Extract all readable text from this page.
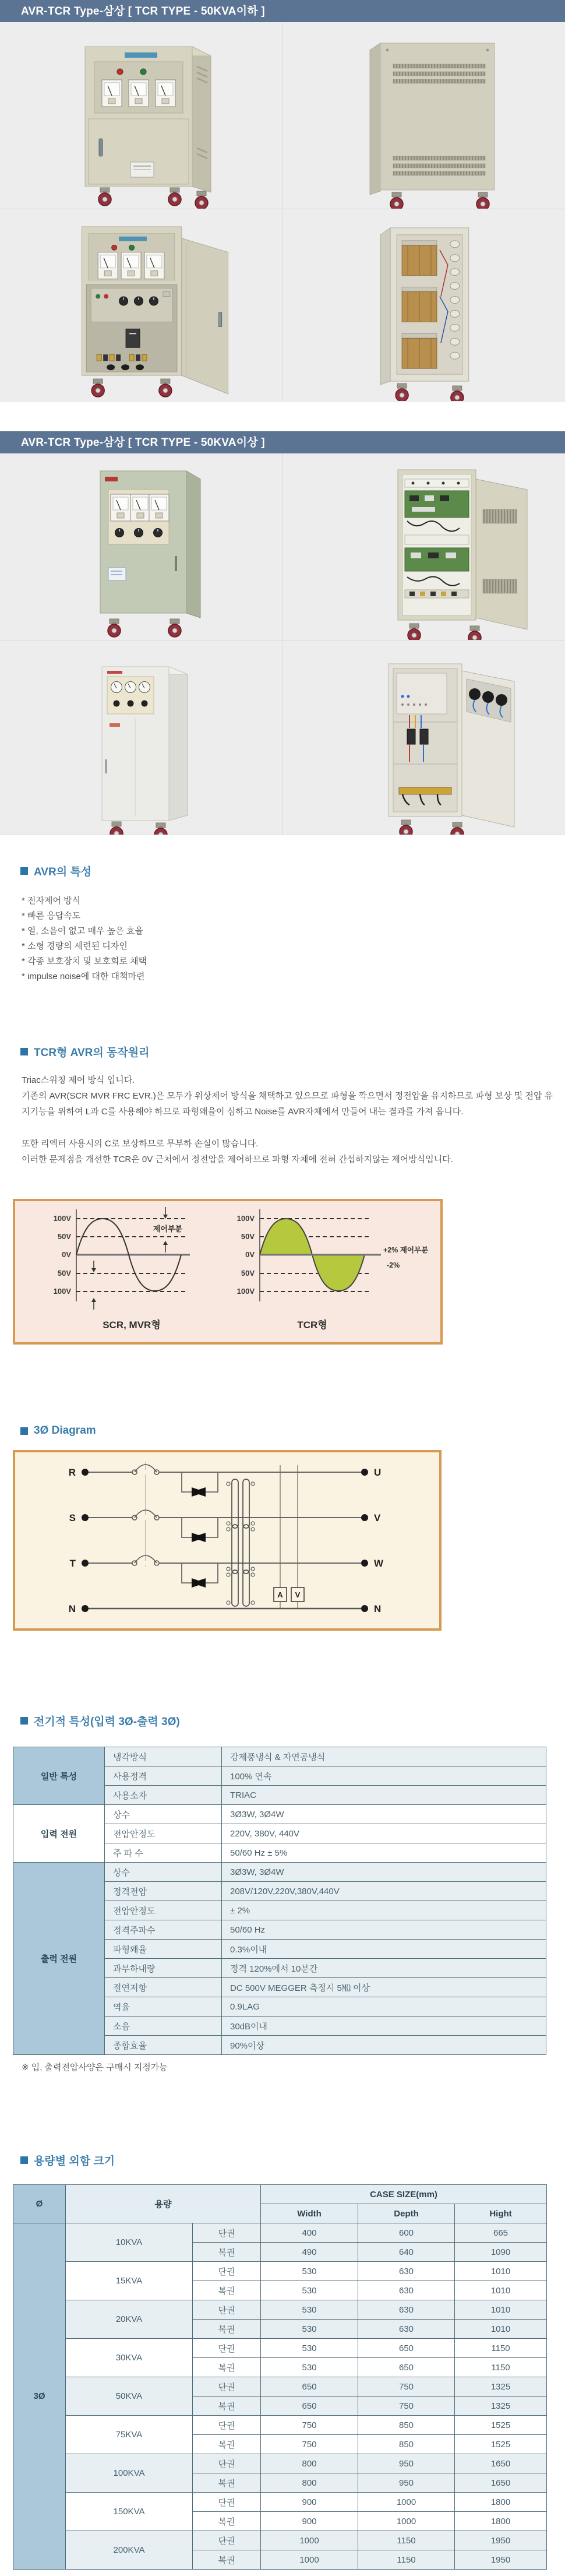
AVR-TCR Type-삼상 [ TCR TYPE - 50KVA이하 ]
AVR-TCR Type-삼상 [ TCR TYPE - 50KVA이상 ]
AVR의 특성
* 전자제어 방식
* 빠른 응답속도
* 열, 소음이 없고 매우 높은 효율
* 소형 경량의 세련된 디자인
* 각종 보호장치 및 보호회로 채택
* impulse noise에 대한 대책마련
TCR형 AVR의 동작원리
Triac스위칭 제어 방식 입니다.
기존의 AVR(SCR MVR FRC EVR.)은 모두가 위상제어 방식을 채택하고 있으므로 파형을 깍으면서 정전압을 유지하므로 파형 보상 및 전압 유지기능을 위하여 L과 C를 사용해야 하므로 파형왜율이 심하고 Noise를 AVR자체에서 만들어 내는 결과를 가져 옵니다.
또한 리엑터 사용시의 C로 보상하므로 무부하 손실이 많습니다.
이러한 문제점을 개선한 TCR은 0V 근처에서 정전압을 제어하므로 파형 자체에 전혀 간섭하지않는 제어방식입니다.
100V
50V
0V
50V
100V
제어부분
SCR, MVR형
100V
50V
0V
50V
100V
+2% 제어부분
-2%
TCR형
3Ø Diagram
A V
R
S
T
N
U
V
W
N
전기적 특성(입력 3Ø-출력 3Ø)
일반 특성	냉각방식	강제풍냉식 & 자연공냉식
	사용정격	100% 연속
	사용소자	TRIAC
입력 전원	상수	3Ø3W, 3Ø4W
	전압안정도	220V, 380V, 440V
	주 파 수	50/60 Hz ± 5%
출력 전원	상수	3Ø3W, 3Ø4W
	정격전압	208V/120V,220V,380V,440V
	전압안정도	± 2%
	정격주파수	50/60 Hz
	파형왜율	0.3%이내
	과부하내량	정격 120%에서 10분간
	절연저항	DC 500V MEGGER 측정시 5㏁ 이상
	역율	0.9LAG
	소음	30dB이내
	종합효율	90%이상
※ 입, 출력전압사양은 구매시 지정가능
용량별 외함 크기
Ø	용량		CASE SIZE(mm)		
			Width	Depth	Hight
3Ø	10KVA	단권	400	600	665
		복권	490	640	1090
	15KVA	단권	530	630	1010
		복권	530	630	1010
	20KVA	단권	530	630	1010
		복권	530	630	1010
	30KVA	단권	530	650	1150
		복권	530	650	1150
	50KVA	단권	650	750	1325
		복권	650	750	1325
	75KVA	단권	750	850	1525
		복권	750	850	1525
	100KVA	단권	800	950	1650
		복권	800	950	1650
	150KVA	단권	900	1000	1800
		복권	900	1000	1800
	200KVA	단권	1000	1150	1950
		복권	1000	1150	1950
